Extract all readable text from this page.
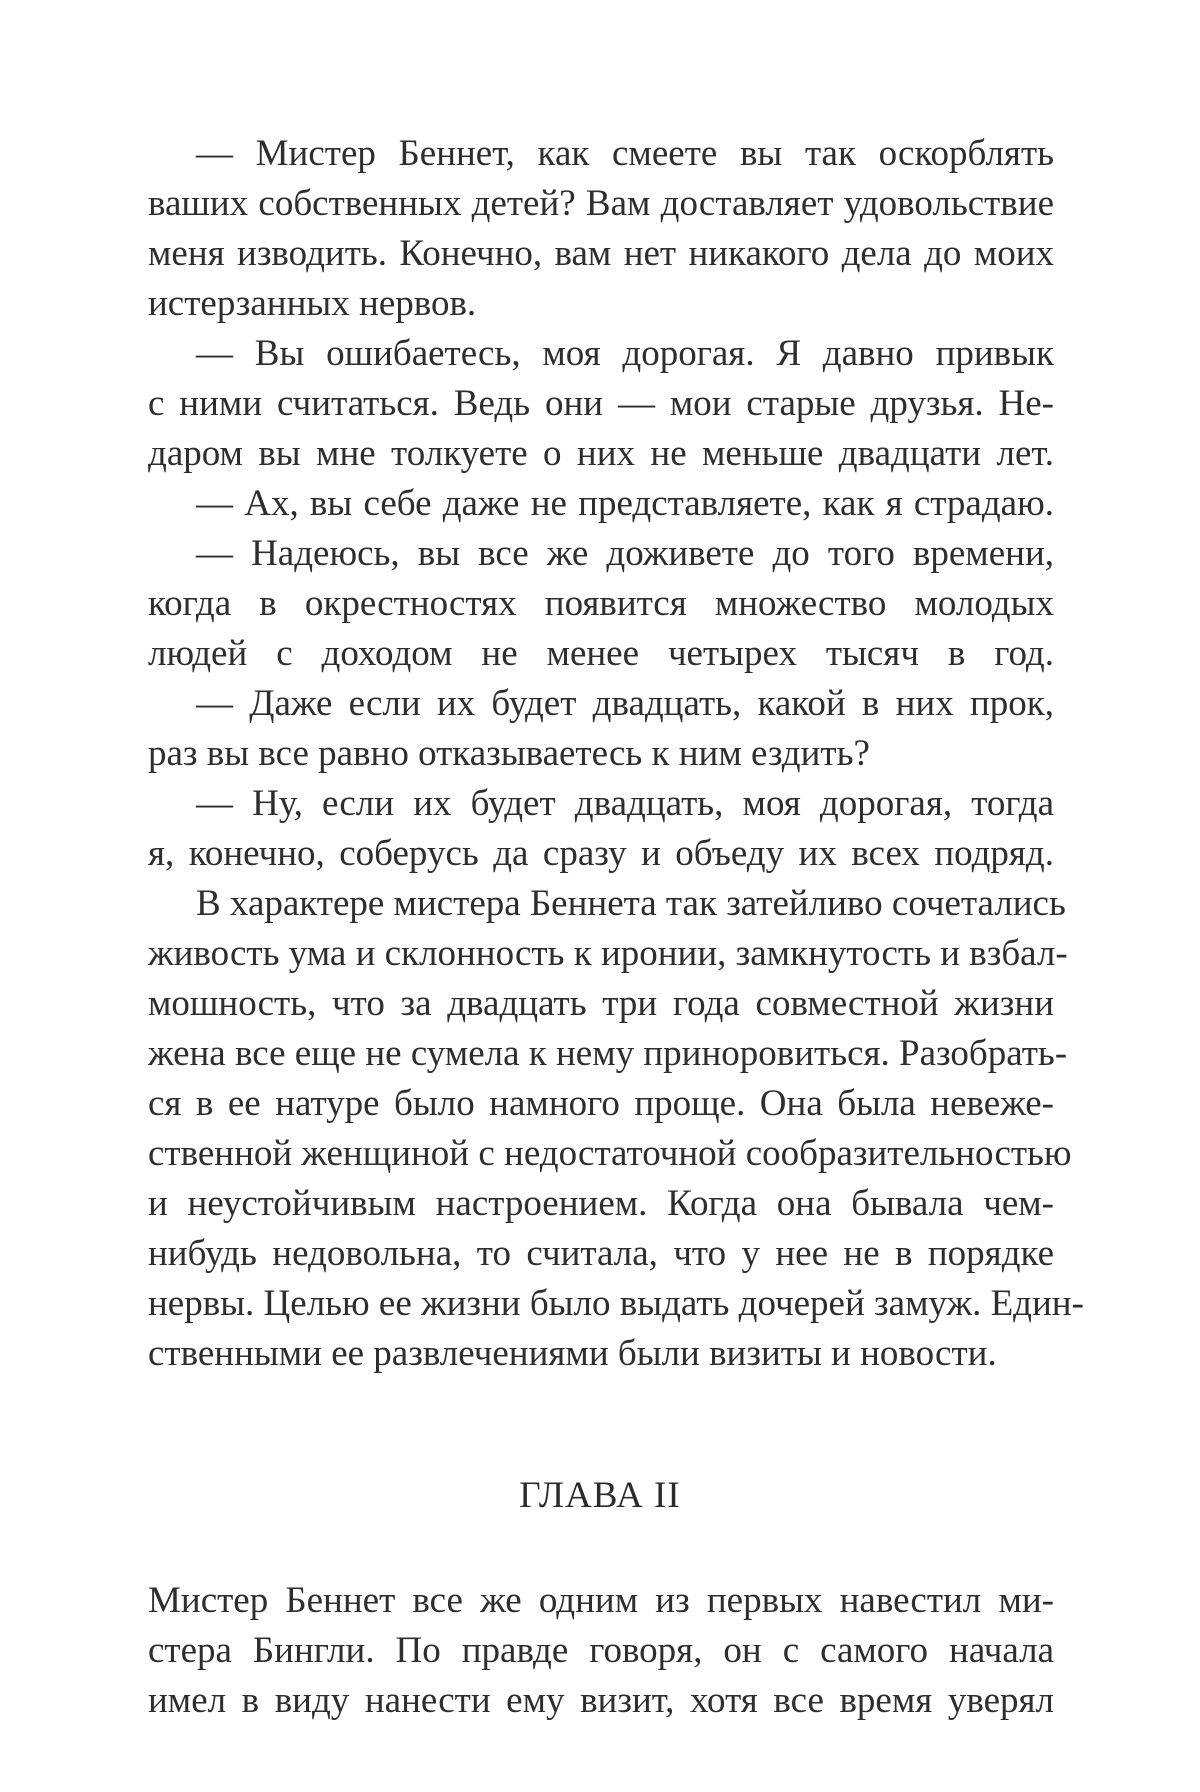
— Мистер Беннет, как смеете вы так оскорблять
ваших собственных детей? Вам доставляет удовольствие
меня изводить. Конечно, вам нет никакого дела до моих
истерзанных нервов.
— Вы ошибаетесь, моя дорогая. Я давно привык
с ними считаться. Ведь они — мои старые друзья. Не-
даром вы мне толкуете о них не меньше двадцати лет.
— Ах, вы себе даже не представляете, как я страдаю.
— Надеюсь, вы все же доживете до того времени,
когда в окрестностях появится множество молодых
людей с доходом не менее четырех тысяч в год.
— Даже если их будет двадцать, какой в них прок,
раз вы все равно отказываетесь к ним ездить?
— Ну, если их будет двадцать, моя дорогая, тогда
я, конечно, соберусь да сразу и объеду их всех подряд.
В характере мистера Беннета так затейливо сочетались
живость ума и склонность к иронии, замкнутость и взбал-
мошность, что за двадцать три года совместной жизни
жена все еще не сумела к нему приноровиться. Разобрать-
ся в ее натуре было намного проще. Она была невеже-
ственной женщиной с недостаточной сообразительностью
и неустойчивым настроением. Когда она бывала чем-
нибудь недовольна, то считала, что у нее не в порядке
нервы. Целью ее жизни было выдать дочерей замуж. Един-
ственными ее развлечениями были визиты и новости.
ГЛАВА II
Мистер Беннет все же одним из первых навестил ми-
стера Бингли. По правде говоря, он с самого начала
имел в виду нанести ему визит, хотя все время уверял
